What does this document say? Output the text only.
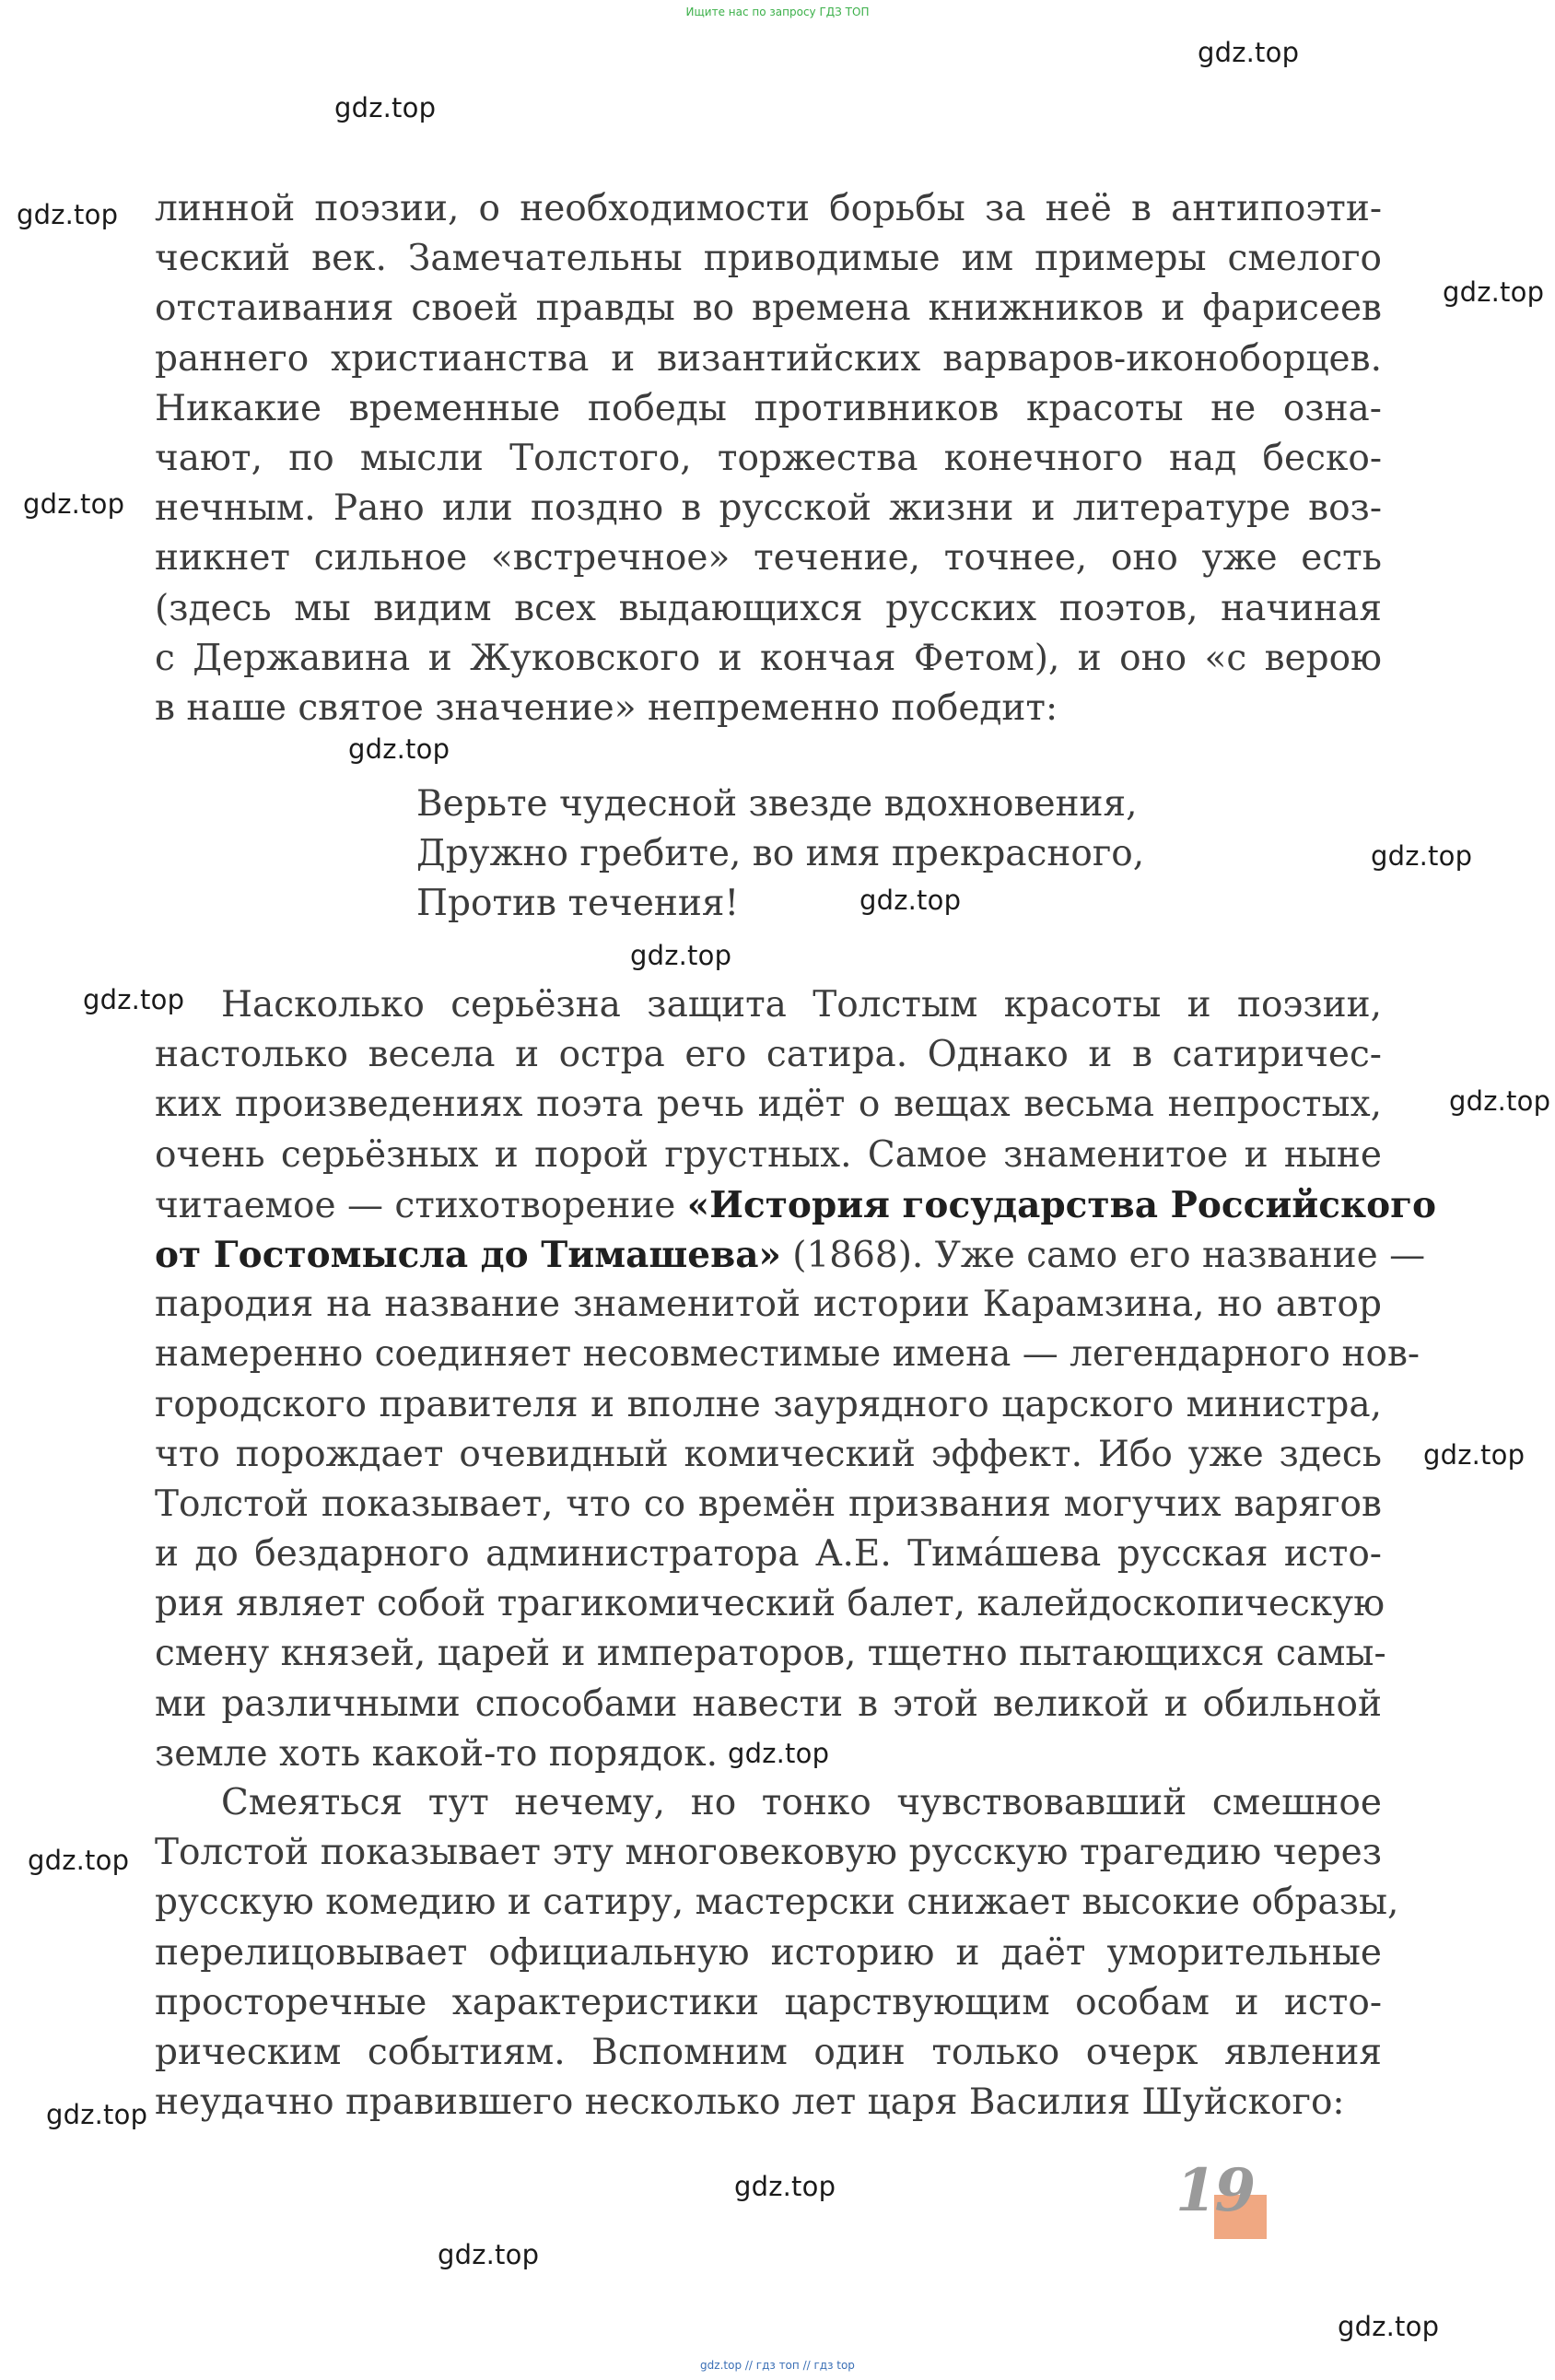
Ищите нас по запросу ГДЗ ТОП
gdz.top
gdz.top
gdz.top
gdz.top
gdz.top
gdz.top
gdz.top
gdz.top
gdz.top
gdz.top
gdz.top
gdz.top
gdz.top
gdz.top
gdz.top
gdz.top
gdz.top
gdz.top
линной поэзии, о необходимости борьбы за неё в антипоэти-
ческий век. Замечательны приводимые им примеры смелого
отстаивания своей правды во времена книжников и фарисеев
раннего христианства и византийских варваров-иконоборцев.
Никакие временные победы противников красоты не озна-
чают, по мысли Толстого, торжества конечного над беско-
нечным. Рано или поздно в русской жизни и литературе воз-
никнет сильное «встречное» течение, точнее, оно уже есть
(здесь мы видим всех выдающихся русских поэтов, начиная
с Державина и Жуковского и кончая Фетом), и оно «с верою
в наше святое значение» непременно победит:
Верьте чудесной звезде вдохновения,
Дружно гребите, во имя прекрасного,
Против течения!
Насколько серьёзна защита Толстым красоты и поэзии,
настолько весела и остра его сатира. Однако и в сатиричес-
ких произведениях поэта речь идёт о вещах весьма непростых,
очень серьёзных и порой грустных. Самое знаменитое и ныне
читаемое — стихотворение «История государства Российского
от Гостомысла до Тимашева» (1868). Уже само его название —
пародия на название знаменитой истории Карамзина, но автор
намеренно соединяет несовместимые имена — легендарного нов-
городского правителя и вполне заурядного царского министра,
что порождает очевидный комический эффект. Ибо уже здесь
Толстой показывает, что со времён призвания могучих варягов
и до бездарного администратора А.Е. Тима́шева русская исто-
рия являет собой трагикомический балет, калейдоскопическую
смену князей, царей и императоров, тщетно пытающихся самы-
ми различными способами навести в этой великой и обильной
земле хоть какой-то порядок.
Смеяться тут нечему, но тонко чувствовавший смешное
Толстой показывает эту многовековую русскую трагедию через
русскую комедию и сатиру, мастерски снижает высокие образы,
перелицовывает официальную историю и даёт уморительные
просторечные характеристики царствующим особам и исто-
рическим событиям. Вспомним один только очерк явления
неудачно правившего несколько лет царя Василия Шуйского:
19
gdz.top // гдз топ // гдз top
